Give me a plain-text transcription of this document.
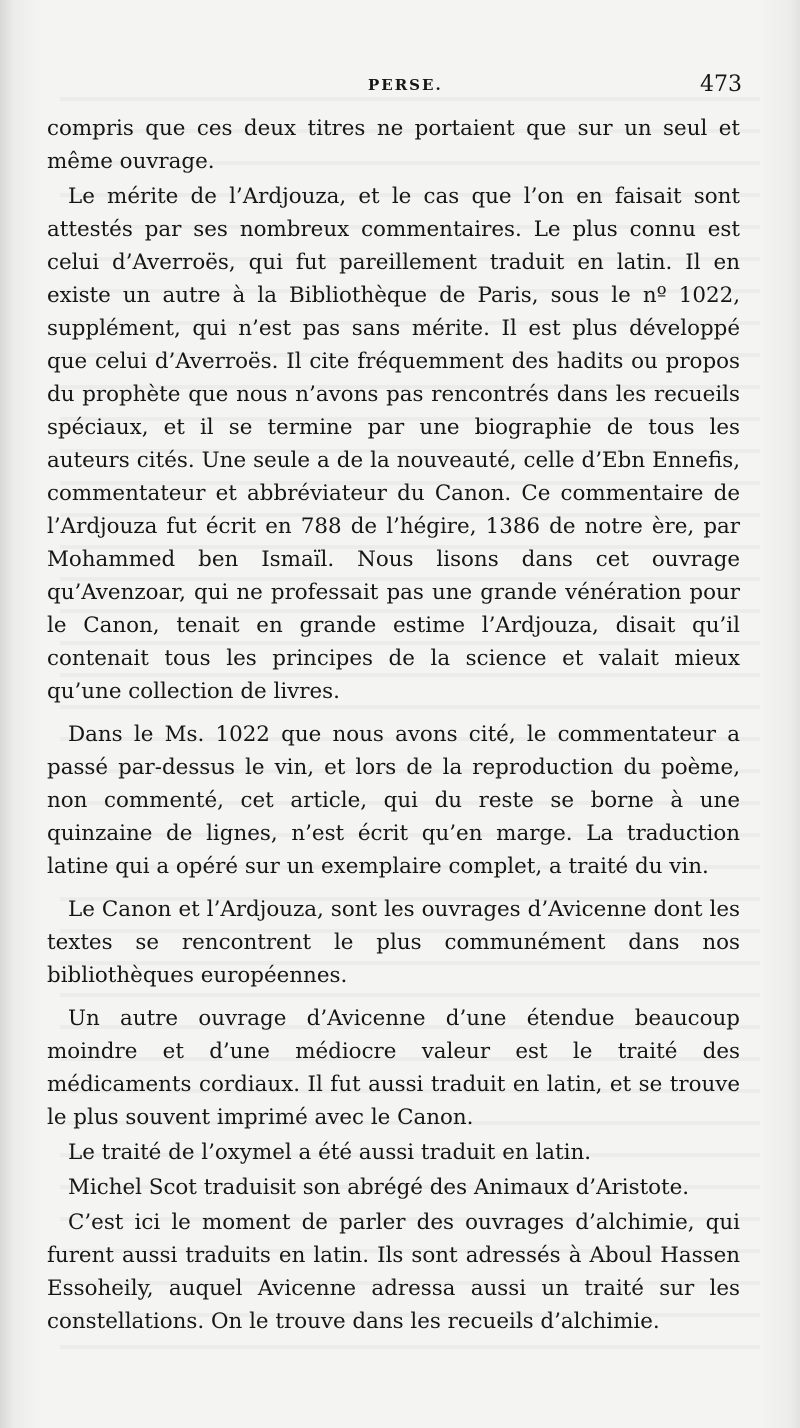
PERSE.	473

compris que ces deux titres ne portaient que sur un seul et même ouvrage.

Le mérite de l’Ardjouza, et le cas que l’on en faisait sont attestés par ses nombreux commentaires. Le plus connu est celui d’Averroës, qui fut pareillement traduit en latin. Il en existe un autre à la Bibliothèque de Paris, sous le nº 1022, supplément, qui n’est pas sans mérite. Il est plus développé que celui d’Averroës. Il cite fréquemment des hadits ou propos du prophète que nous n’avons pas rencontrés dans les recueils spéciaux, et il se termine par une biographie de tous les auteurs cités. Une seule a de la nouveauté, celle d’Ebn Ennefis, commentateur et abbréviateur du Canon. Ce commentaire de l’Ardjouza fut écrit en 788 de l’hégire, 1386 de notre ère, par Mohammed ben Ismaïl. Nous lisons dans cet ouvrage qu’Avenzoar, qui ne professait pas une grande vénération pour le Canon, tenait en grande estime l’Ardjouza, disait qu’il contenait tous les principes de la science et valait mieux qu’une collection de livres.

Dans le Ms. 1022 que nous avons cité, le commentateur a passé par-dessus le vin, et lors de la reproduction du poème, non commenté, cet article, qui du reste se borne à une quinzaine de lignes, n’est écrit qu’en marge. La traduction latine qui a opéré sur un exemplaire complet, a traité du vin.

Le Canon et l’Ardjouza, sont les ouvrages d’Avicenne dont les textes se rencontrent le plus communément dans nos bibliothèques européennes.

Un autre ouvrage d’Avicenne d’une étendue beaucoup moindre et d’une médiocre valeur est le traité des médicaments cordiaux. Il fut aussi traduit en latin, et se trouve le plus souvent imprimé avec le Canon.

Le traité de l’oxymel a été aussi traduit en latin.

Michel Scot traduisit son abrégé des Animaux d’Aristote.

C’est ici le moment de parler des ouvrages d’alchimie, qui furent aussi traduits en latin. Ils sont adressés à Aboul Hassen Essoheily, auquel Avicenne adressa aussi un traité sur les constellations. On le trouve dans les recueils d’alchimie.
